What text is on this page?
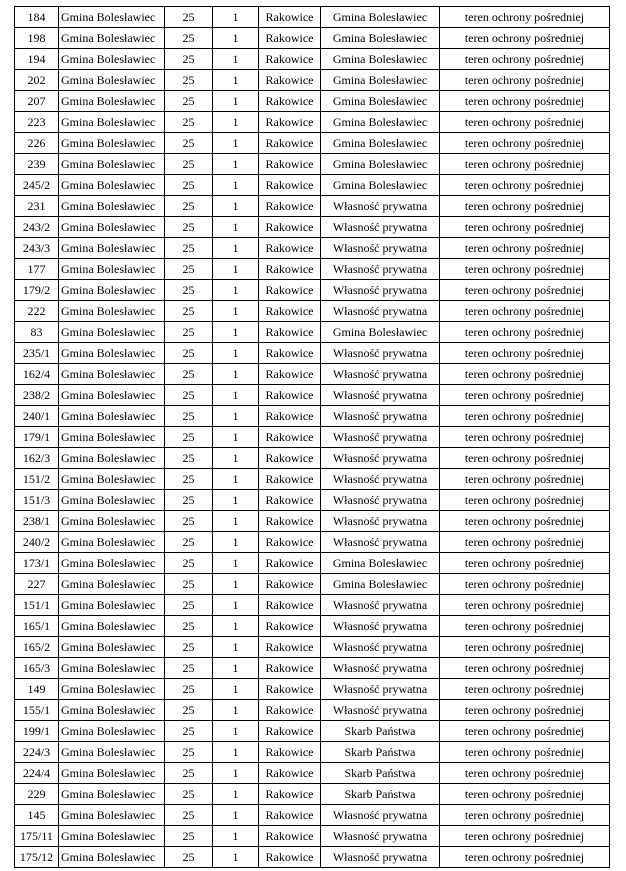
184	Gmina Bolesławiec	25	1	Rakowice	Gmina Bolesławiec	teren ochrony pośredniej
198	Gmina Bolesławiec	25	1	Rakowice	Gmina Bolesławiec	teren ochrony pośredniej
194	Gmina Bolesławiec	25	1	Rakowice	Gmina Bolesławiec	teren ochrony pośredniej
202	Gmina Bolesławiec	25	1	Rakowice	Gmina Bolesławiec	teren ochrony pośredniej
207	Gmina Bolesławiec	25	1	Rakowice	Gmina Bolesławiec	teren ochrony pośredniej
223	Gmina Bolesławiec	25	1	Rakowice	Gmina Bolesławiec	teren ochrony pośredniej
226	Gmina Bolesławiec	25	1	Rakowice	Gmina Bolesławiec	teren ochrony pośredniej
239	Gmina Bolesławiec	25	1	Rakowice	Gmina Bolesławiec	teren ochrony pośredniej
245/2	Gmina Bolesławiec	25	1	Rakowice	Gmina Bolesławiec	teren ochrony pośredniej
231	Gmina Bolesławiec	25	1	Rakowice	Własność prywatna	teren ochrony pośredniej
243/2	Gmina Bolesławiec	25	1	Rakowice	Własność prywatna	teren ochrony pośredniej
243/3	Gmina Bolesławiec	25	1	Rakowice	Własność prywatna	teren ochrony pośredniej
177	Gmina Bolesławiec	25	1	Rakowice	Własność prywatna	teren ochrony pośredniej
179/2	Gmina Bolesławiec	25	1	Rakowice	Własność prywatna	teren ochrony pośredniej
222	Gmina Bolesławiec	25	1	Rakowice	Własność prywatna	teren ochrony pośredniej
83	Gmina Bolesławiec	25	1	Rakowice	Gmina Bolesławiec	teren ochrony pośredniej
235/1	Gmina Bolesławiec	25	1	Rakowice	Własność prywatna	teren ochrony pośredniej
162/4	Gmina Bolesławiec	25	1	Rakowice	Własność prywatna	teren ochrony pośredniej
238/2	Gmina Bolesławiec	25	1	Rakowice	Własność prywatna	teren ochrony pośredniej
240/1	Gmina Bolesławiec	25	1	Rakowice	Własność prywatna	teren ochrony pośredniej
179/1	Gmina Bolesławiec	25	1	Rakowice	Własność prywatna	teren ochrony pośredniej
162/3	Gmina Bolesławiec	25	1	Rakowice	Własność prywatna	teren ochrony pośredniej
151/2	Gmina Bolesławiec	25	1	Rakowice	Własność prywatna	teren ochrony pośredniej
151/3	Gmina Bolesławiec	25	1	Rakowice	Własność prywatna	teren ochrony pośredniej
238/1	Gmina Bolesławiec	25	1	Rakowice	Własność prywatna	teren ochrony pośredniej
240/2	Gmina Bolesławiec	25	1	Rakowice	Własność prywatna	teren ochrony pośredniej
173/1	Gmina Bolesławiec	25	1	Rakowice	Gmina Bolesławiec	teren ochrony pośredniej
227	Gmina Bolesławiec	25	1	Rakowice	Gmina Bolesławiec	teren ochrony pośredniej
151/1	Gmina Bolesławiec	25	1	Rakowice	Własność prywatna	teren ochrony pośredniej
165/1	Gmina Bolesławiec	25	1	Rakowice	Własność prywatna	teren ochrony pośredniej
165/2	Gmina Bolesławiec	25	1	Rakowice	Własność prywatna	teren ochrony pośredniej
165/3	Gmina Bolesławiec	25	1	Rakowice	Własność prywatna	teren ochrony pośredniej
149	Gmina Bolesławiec	25	1	Rakowice	Własność prywatna	teren ochrony pośredniej
155/1	Gmina Bolesławiec	25	1	Rakowice	Własność prywatna	teren ochrony pośredniej
199/1	Gmina Bolesławiec	25	1	Rakowice	Skarb Państwa	teren ochrony pośredniej
224/3	Gmina Bolesławiec	25	1	Rakowice	Skarb Państwa	teren ochrony pośredniej
224/4	Gmina Bolesławiec	25	1	Rakowice	Skarb Państwa	teren ochrony pośredniej
229	Gmina Bolesławiec	25	1	Rakowice	Skarb Państwa	teren ochrony pośredniej
145	Gmina Bolesławiec	25	1	Rakowice	Własność prywatna	teren ochrony pośredniej
175/11	Gmina Bolesławiec	25	1	Rakowice	Własność prywatna	teren ochrony pośredniej
175/12	Gmina Bolesławiec	25	1	Rakowice	Własność prywatna	teren ochrony pośredniej
